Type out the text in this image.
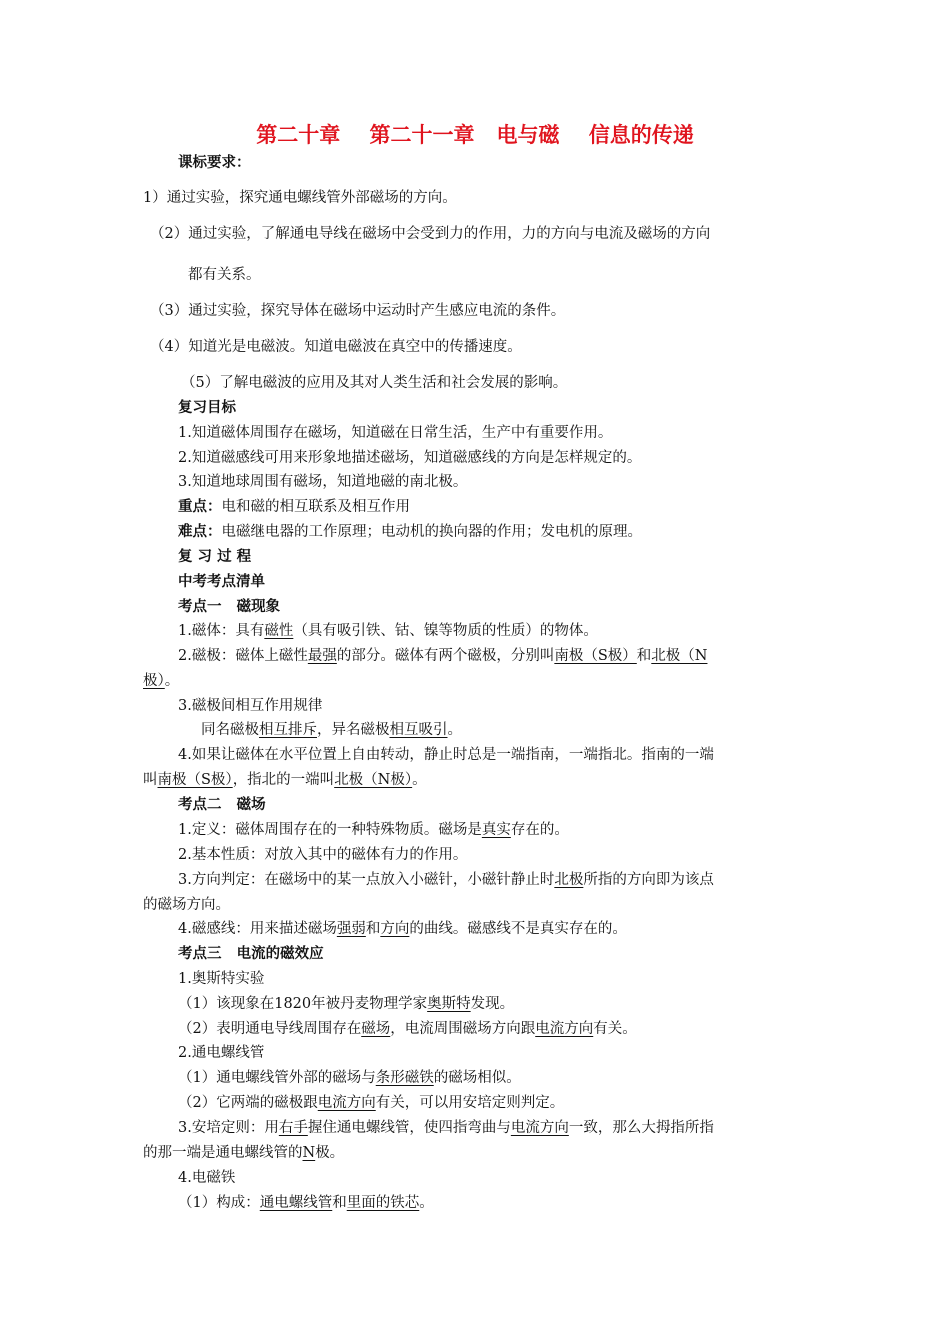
第二十章    第二十一章   电与磁    信息的传递
课标要求：
1）通过实验，探究通电螺线管外部磁场的方向。
（2）通过实验，了解通电导线在磁场中会受到力的作用，力的方向与电流及磁场的方向
都有关系。
（3）通过实验，探究导体在磁场中运动时产生感应电流的条件。
（4）知道光是电磁波。知道电磁波在真空中的传播速度。
（5）了解电磁波的应用及其对人类生活和社会发展的影响。
复习目标
1.知道磁体周围存在磁场，知道磁在日常生活，生产中有重要作用。
2.知道磁感线可用来形象地描述磁场，知道磁感线的方向是怎样规定的。
3.知道地球周围有磁场，知道地磁的南北极。
重点：电和磁的相互联系及相互作用
难点：电磁继电器的工作原理；电动机的换向器的作用；发电机的原理。
复 习 过 程
中考考点清单
考点一   磁现象
1.磁体：具有磁性（具有吸引铁、钴、镍等物质的性质）的物体。
2.磁极：磁体上磁性最强的部分。磁体有两个磁极，分别叫南极（S极）和北极（N
极）。
3.磁极间相互作用规律
同名磁极相互排斥，异名磁极相互吸引。
4.如果让磁体在水平位置上自由转动，静止时总是一端指南，一端指北。指南的一端
叫南极（S极），指北的一端叫北极（N极）。
考点二   磁场
1.定义：磁体周围存在的一种特殊物质。磁场是真实存在的。
2.基本性质：对放入其中的磁体有力的作用。
3.方向判定：在磁场中的某一点放入小磁针，小磁针静止时北极所指的方向即为该点
的磁场方向。
4.磁感线：用来描述磁场强弱和方向的曲线。磁感线不是真实存在的。
考点三   电流的磁效应
1.奥斯特实验
（1）该现象在1820年被丹麦物理学家奥斯特发现。
（2）表明通电导线周围存在磁场，电流周围磁场方向跟电流方向有关。
2.通电螺线管
（1）通电螺线管外部的磁场与条形磁铁的磁场相似。
（2）它两端的磁极跟电流方向有关，可以用安培定则判定。
3.安培定则：用右手握住通电螺线管，使四指弯曲与电流方向一致，那么大拇指所指
的那一端是通电螺线管的N极。
4.电磁铁
（1）构成：通电螺线管和里面的铁芯。
